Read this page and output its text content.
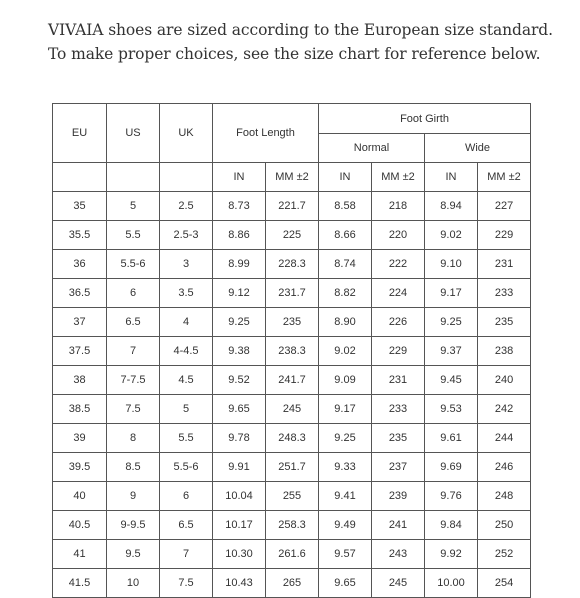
VIVAIA shoes are sized according to the European size standard.

To make proper choices, see the size chart for reference below.

EU	US	UK	Foot Length		Foot Girth			
					Normal		Wide	
			IN	MM ±2	IN	MM ±2	IN	MM ±2
35	5	2.5	8.73	221.7	8.58	218	8.94	227
35.5	5.5	2.5-3	8.86	225	8.66	220	9.02	229
36	5.5-6	3	8.99	228.3	8.74	222	9.10	231
36.5	6	3.5	9.12	231.7	8.82	224	9.17	233
37	6.5	4	9.25	235	8.90	226	9.25	235
37.5	7	4-4.5	9.38	238.3	9.02	229	9.37	238
38	7-7.5	4.5	9.52	241.7	9.09	231	9.45	240
38.5	7.5	5	9.65	245	9.17	233	9.53	242
39	8	5.5	9.78	248.3	9.25	235	9.61	244
39.5	8.5	5.5-6	9.91	251.7	9.33	237	9.69	246
40	9	6	10.04	255	9.41	239	9.76	248
40.5	9-9.5	6.5	10.17	258.3	9.49	241	9.84	250
41	9.5	7	10.30	261.6	9.57	243	9.92	252
41.5	10	7.5	10.43	265	9.65	245	10.00	254
